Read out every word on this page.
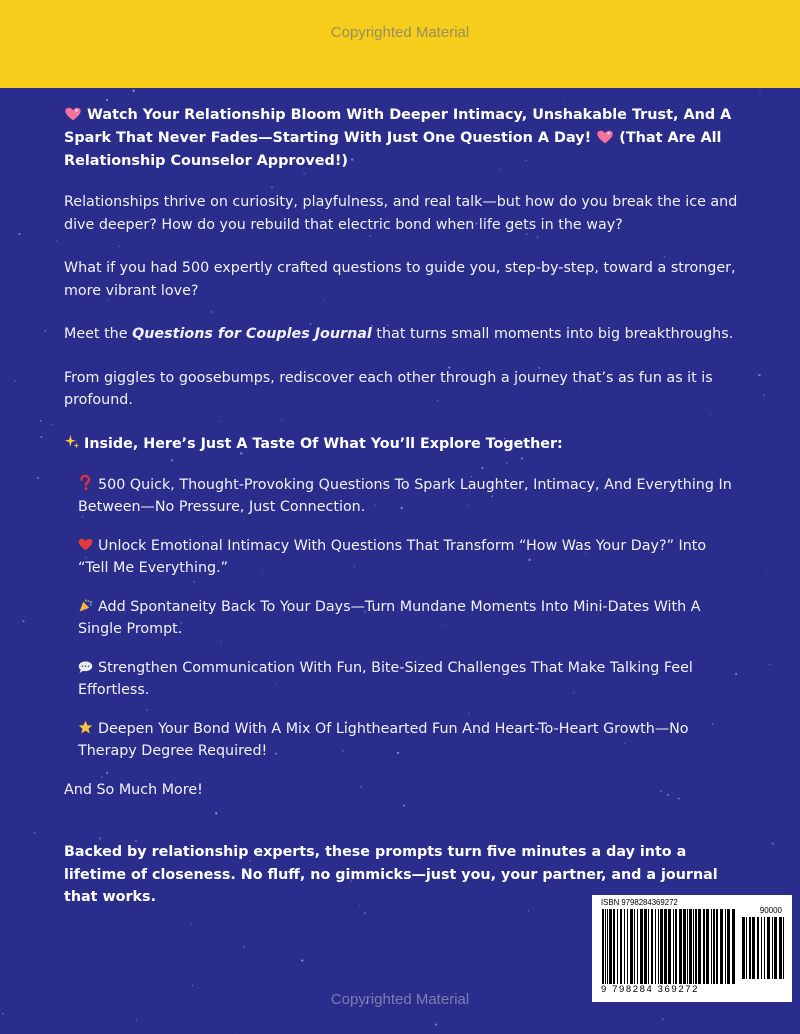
Copyrighted Material

Watch Your Relationship Bloom With Deeper Intimacy, Unshakable Trust, And A Spark That Never Fades—Starting With Just One Question A Day!  (That Are All Relationship Counselor Approved!)

Relationships thrive on curiosity, playfulness, and real talk—but how do you break the ice and dive deeper? How do you rebuild that electric bond when life gets in the way?

What if you had 500 expertly crafted questions to guide you, step-by-step, toward a stronger, more vibrant love?

Meet the Questions for Couples Journal that turns small moments into big breakthroughs.

From giggles to goosebumps, rediscover each other through a journey that’s as fun as it is profound.

Inside, Here’s Just A Taste Of What You’ll Explore Together:

500 Quick, Thought-Provoking Questions To Spark Laughter, Intimacy, And Everything In Between—No Pressure, Just Connection.

Unlock Emotional Intimacy With Questions That Transform “How Was Your Day?” Into “Tell Me Everything.”

Add Spontaneity Back To Your Days—Turn Mundane Moments Into Mini-Dates With A Single Prompt.

Strengthen Communication With Fun, Bite-Sized Challenges That Make Talking Feel Effortless.

Deepen Your Bond With A Mix Of Lighthearted Fun And Heart-To-Heart Growth—No Therapy Degree Required!

And So Much More!

Backed by relationship experts, these prompts turn five minutes a day into a lifetime of closeness. No fluff, no gimmicks—just you, your partner, and a journal that works.	ISBN 9798284369272
90000
9 798284 369272
Copyrighted Material
